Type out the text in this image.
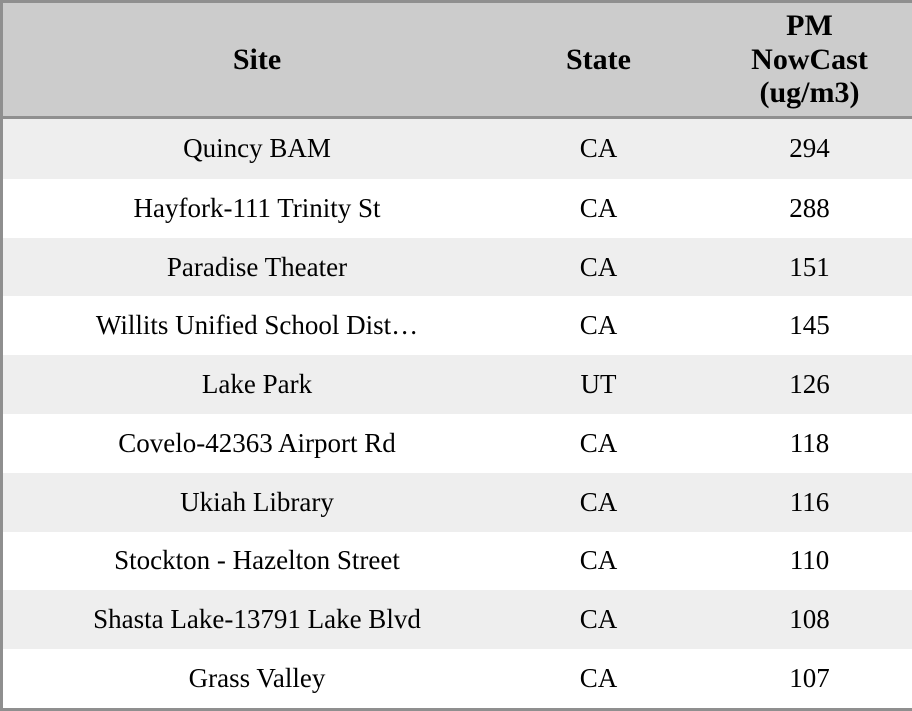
Site	State	PM
NowCast
(ug/m3)

Quincy BAM	CA	294
Hayfork-111 Trinity St	CA	288
Paradise Theater	CA	151
Willits Unified School Dist…	CA	145
Lake Park	UT	126
Covelo-42363 Airport Rd	CA	118
Ukiah Library	CA	116
Stockton - Hazelton Street	CA	110
Shasta Lake-13791 Lake Blvd	CA	108
Grass Valley	CA	107
